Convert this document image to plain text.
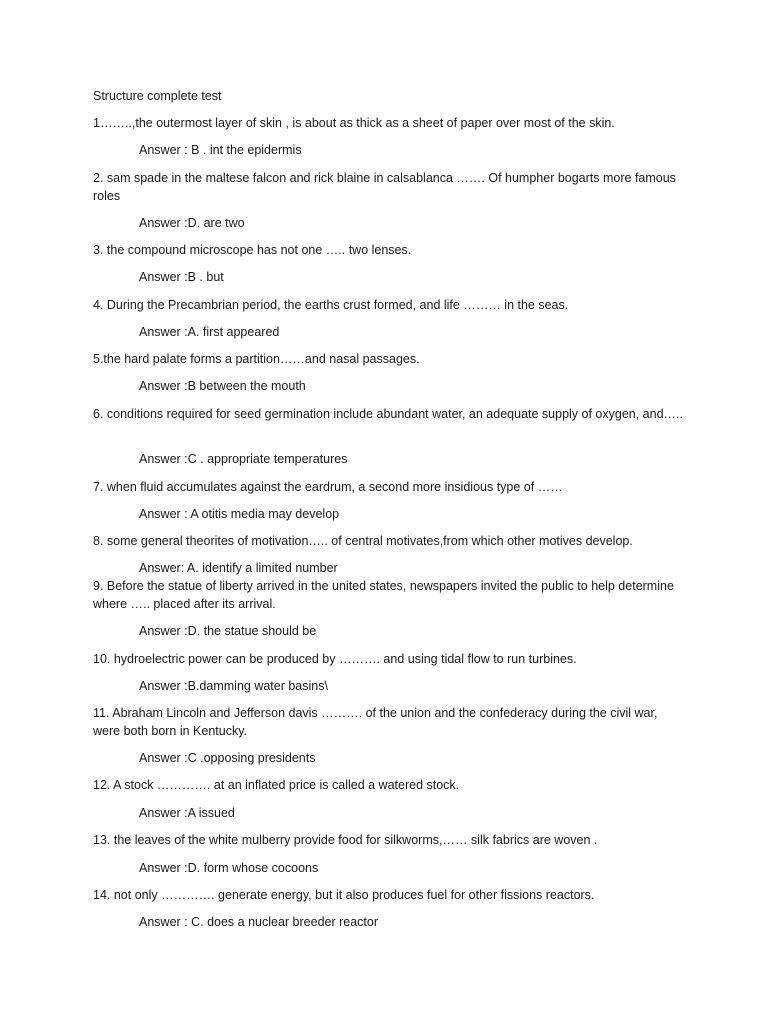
Structure complete test
1……..,the outermost layer of skin , is about as thick as a sheet of paper over most of the skin.
Answer : B . int the epidermis
2. sam spade in the maltese falcon and rick blaine in calsablanca ……. Of humpher bogarts more famous roles
Answer :D. are two
3. the compound microscope has not one ….. two lenses.
Answer :B . but
4. During the Precambrian period, the earths crust formed, and life ……… in the seas.
Answer :A. first appeared
5.the hard palate forms a partition……and nasal passages.
Answer :B between the mouth
6. conditions required for seed germination include abundant water, an adequate supply of oxygen, and…..
Answer :C . appropriate temperatures
7. when fluid accumulates against the eardrum, a second more insidious type of ……
Answer : A otitis media may develop
8. some general theorites of motivation….. of central motivates,from which other motives develop.
Answer: A. identify a limited number
9. Before the statue of liberty arrived in the united states, newspapers invited the public to help determine where ….. placed after its arrival.
Answer :D. the statue should be
10. hydroelectric power can be produced by ………. and using tidal flow to run turbines.
Answer :B.damming water basins\
11. Abraham Lincoln and Jefferson davis ………. of the union and the confederacy during the civil war, were both born in Kentucky.
Answer :C .opposing presidents
12. A stock …………. at an inflated price is called a watered stock.
Answer :A issued
13. the leaves of the white mulberry provide food for silkworms,…… silk fabrics are woven .
Answer :D. form whose cocoons
14. not only …………. generate energy, but it also produces fuel for other fissions reactors.
Answer : C. does a nuclear breeder reactor
